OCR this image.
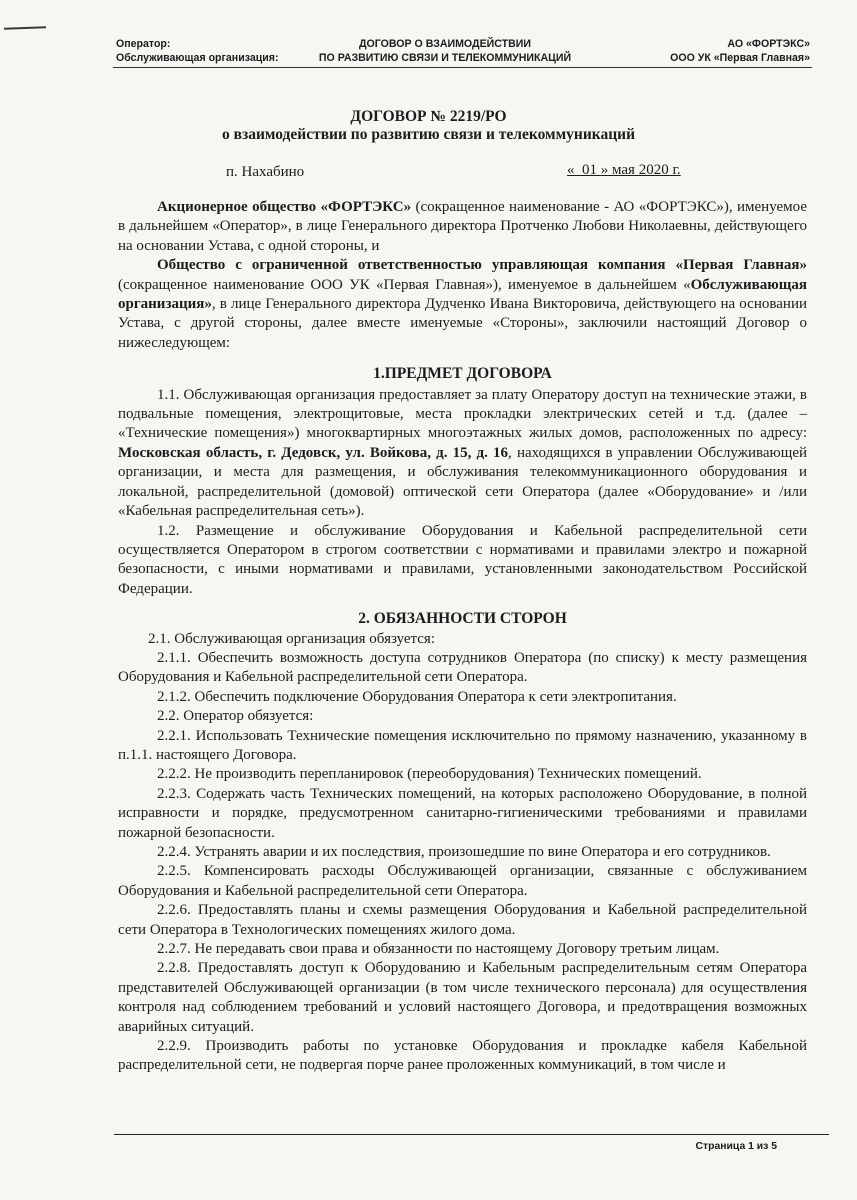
Оператор:
Обслуживающая организация:
ДОГОВОР О ВЗАИМОДЕЙСТВИИ
ПО РАЗВИТИЮ СВЯЗИ И ТЕЛЕКОММУНИКАЦИЙ
АО «ФОРТЭКС»
ООО УК «Первая Главная»
ДОГОВОР № 2219/РО
о взаимодействии по развитию связи и телекоммуникаций
п. Нахабино	« 01 » мая 2020 г.

Акционерное общество «ФОРТЭКС» (сокращенное наименование - АО «ФОРТЭКС»), именуемое в дальнейшем «Оператор», в лице Генерального директора Протченко Любови Николаевны, действующего на основании Устава, с одной стороны, и

Общество с ограниченной ответственностью управляющая компания «Первая Главная» (сокращенное наименование ООО УК «Первая Главная»), именуемое в дальнейшем «Обслуживающая организация», в лице Генерального директора Дудченко Ивана Викторовича, действующего на основании Устава, с другой стороны, далее вместе именуемые «Стороны», заключили настоящий Договор о нижеследующем:

1.ПРЕДМЕТ ДОГОВОРА

1.1. Обслуживающая организация предоставляет за плату Оператору доступ на технические этажи, в подвальные помещения, электрощитовые, места прокладки электрических сетей и т.д. (далее – «Технические помещения») многоквартирных многоэтажных жилых домов, расположенных по адресу: Московская область, г. Дедовск, ул. Войкова, д. 15, д. 16, находящихся в управлении Обслуживающей организации, и места для размещения, и обслуживания телекоммуникационного оборудования и локальной, распределительной (домовой) оптической сети Оператора (далее «Оборудование» и /или «Кабельная распределительная сеть»).

1.2. Размещение и обслуживание Оборудования и Кабельной распределительной сети осуществляется Оператором в строгом соответствии с нормативами и правилами электро и пожарной безопасности, с иными нормативами и правилами, установленными законодательством Российской Федерации.

2. ОБЯЗАННОСТИ СТОРОН

2.1. Обслуживающая организация обязуется:

2.1.1. Обеспечить возможность доступа сотрудников Оператора (по списку) к месту размещения Оборудования и Кабельной распределительной сети Оператора.

2.1.2. Обеспечить подключение Оборудования Оператора к сети электропитания.

2.2. Оператор обязуется:

2.2.1. Использовать Технические помещения исключительно по прямому назначению, указанному в п.1.1. настоящего Договора.

2.2.2. Не производить перепланировок (переоборудования) Технических помещений.

2.2.3. Содержать часть Технических помещений, на которых расположено Оборудование, в полной исправности и порядке, предусмотренном санитарно-гигиеническими требованиями и правилами пожарной безопасности.

2.2.4. Устранять аварии и их последствия, произошедшие по вине Оператора и его сотрудников.

2.2.5. Компенсировать расходы Обслуживающей организации, связанные с обслуживанием Оборудования и Кабельной распределительной сети Оператора.

2.2.6. Предоставлять планы и схемы размещения Оборудования и Кабельной распределительной сети Оператора в Технологических помещениях жилого дома.

2.2.7. Не передавать свои права и обязанности по настоящему Договору третьим лицам.

2.2.8. Предоставлять доступ к Оборудованию и Кабельным распределительным сетям Оператора представителей Обслуживающей организации (в том числе технического персонала) для осуществления контроля над соблюдением требований и условий настоящего Договора, и предотвращения возможных аварийных ситуаций.

2.2.9. Производить работы по установке Оборудования и прокладке кабеля Кабельной распределительной сети, не подвергая порче ранее проложенных коммуникаций, в том числе и

Страница 1 из 5
